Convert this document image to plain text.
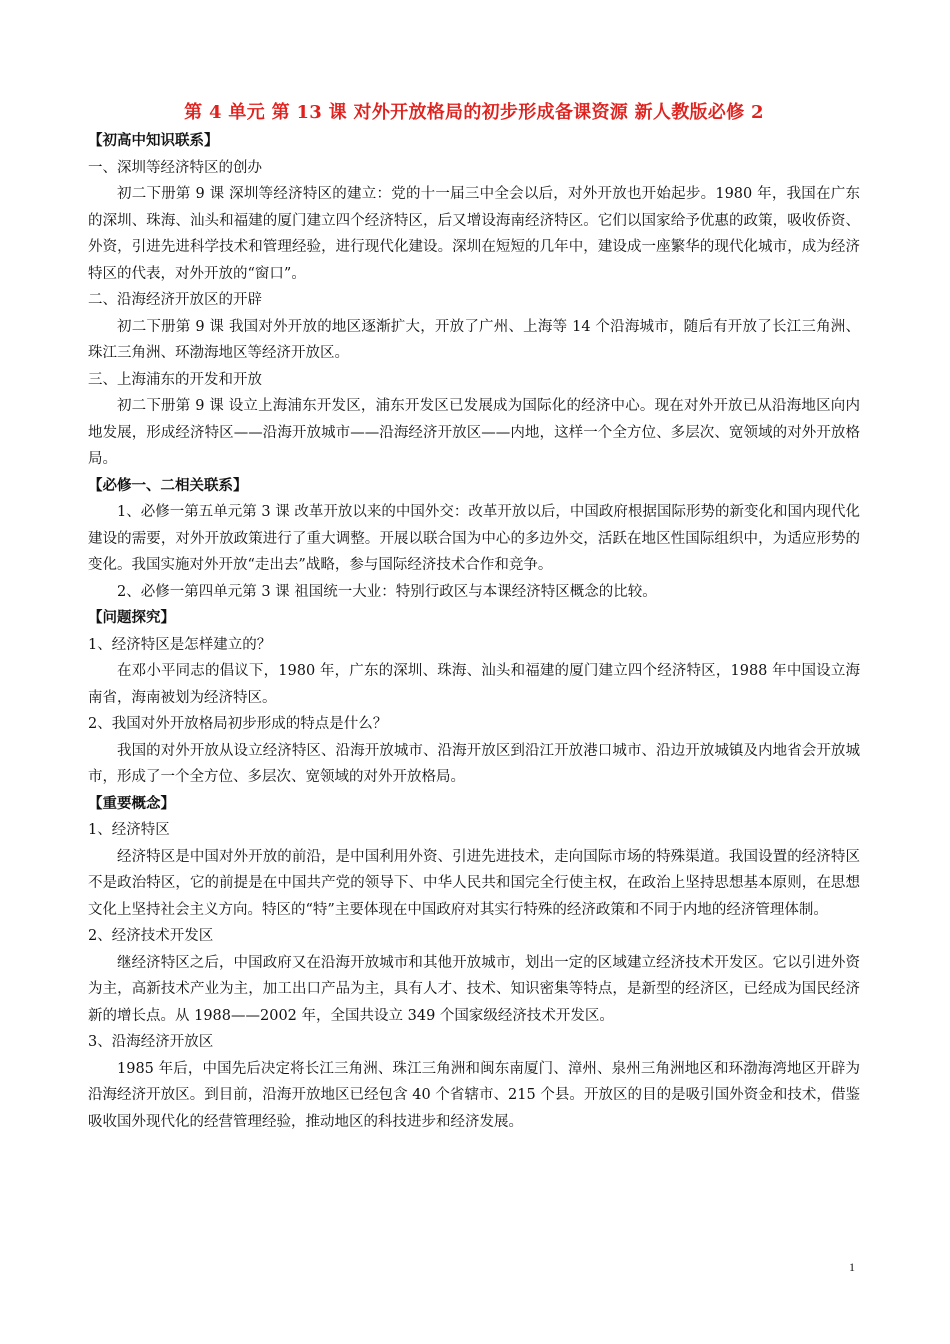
第 4 单元 第 13 课 对外开放格局的初步形成备课资源 新人教版必修 2

【初高中知识联系】

一、深圳等经济特区的创办

初二下册第 9 课 深圳等经济特区的建立：党的十一届三中全会以后，对外开放也开始起步。1980 年，我国在广东的深圳、珠海、汕头和福建的厦门建立四个经济特区，后又增设海南经济特区。它们以国家给予优惠的政策，吸收侨资、外资，引进先进科学技术和管理经验，进行现代化建设。深圳在短短的几年中，建设成一座繁华的现代化城市，成为经济特区的代表，对外开放的“窗口”。

二、沿海经济开放区的开辟

初二下册第 9 课 我国对外开放的地区逐渐扩大，开放了广州、上海等 14 个沿海城市，随后有开放了长江三角洲、珠江三角洲、环渤海地区等经济开放区。

三、上海浦东的开发和开放

初二下册第 9 课 设立上海浦东开发区，浦东开发区已发展成为国际化的经济中心。现在对外开放已从沿海地区向内地发展，形成经济特区——沿海开放城市——沿海经济开放区——内地，这样一个全方位、多层次、宽领域的对外开放格局。

【必修一、二相关联系】

1、必修一第五单元第 3 课 改革开放以来的中国外交：改革开放以后，中国政府根据国际形势的新变化和国内现代化建设的需要，对外开放政策进行了重大调整。开展以联合国为中心的多边外交，活跃在地区性国际组织中，为适应形势的变化。我国实施对外开放“走出去”战略，参与国际经济技术合作和竞争。

2、必修一第四单元第 3 课 祖国统一大业：特别行政区与本课经济特区概念的比较。

【问题探究】

1、经济特区是怎样建立的？

在邓小平同志的倡议下，1980 年，广东的深圳、珠海、汕头和福建的厦门建立四个经济特区，1988 年中国设立海南省，海南被划为经济特区。

2、我国对外开放格局初步形成的特点是什么？

我国的对外开放从设立经济特区、沿海开放城市、沿海开放区到沿江开放港口城市、沿边开放城镇及内地省会开放城市，形成了一个全方位、多层次、宽领域的对外开放格局。

【重要概念】

1、经济特区

经济特区是中国对外开放的前沿，是中国利用外资、引进先进技术，走向国际市场的特殊渠道。我国设置的经济特区不是政治特区，它的前提是在中国共产党的领导下、中华人民共和国完全行使主权，在政治上坚持思想基本原则，在思想文化上坚持社会主义方向。特区的“特”主要体现在中国政府对其实行特殊的经济政策和不同于内地的经济管理体制。

2、经济技术开发区

继经济特区之后，中国政府又在沿海开放城市和其他开放城市，划出一定的区域建立经济技术开发区。它以引进外资为主，高新技术产业为主，加工出口产品为主，具有人才、技术、知识密集等特点，是新型的经济区，已经成为国民经济新的增长点。从 1988——2002 年，全国共设立 349 个国家级经济技术开发区。

3、沿海经济开放区

1985 年后，中国先后决定将长江三角洲、珠江三角洲和闽东南厦门、漳州、泉州三角洲地区和环渤海湾地区开辟为沿海经济开放区。到目前，沿海开放地区已经包含 40 个省辖市、215 个县。开放区的目的是吸引国外资金和技术，借鉴吸收国外现代化的经营管理经验，推动地区的科技进步和经济发展。

1
